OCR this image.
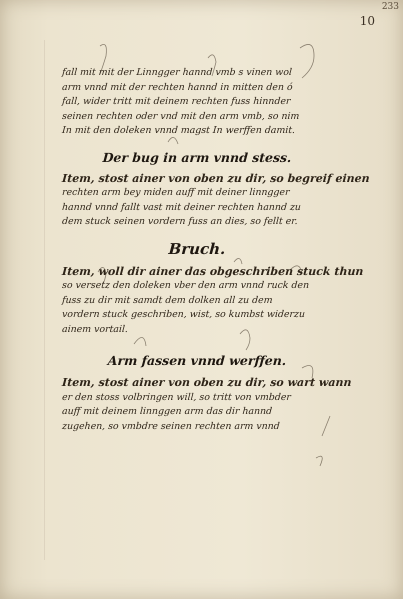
233
10
fall mit mit der Linngger hannd vmb s vinen wol
arm vnnd mit der rechten hannd in mitten den ó
fall, wider tritt mit deinem rechten fuss hinnder
seinen rechten oder vnd mit den arm vmb, so nim
In mit den doleken vnnd magst In werffen damit.
Der bug in arm vnnd stess.
Item, stost ainer von oben zu dir, so begreif einen
rechten arm bey miden auff mit deiner linngger
hannd vnnd fallt vast mit deiner rechten hannd zu
dem stuck seinen vordern fuss an dies, so fellt er.
Bruch.
Item, woll dir ainer das obgeschriben stuck thun
so versetz den doleken vber den arm vnnd ruck den
fuss zu dir mit samdt dem dolken all zu dem
vordern stuck geschriben, wist, so kumbst widerzu
ainem vortail.
Arm fassen vnnd werffen.
Item, stost ainer von oben zu dir, so wart wann
er den stoss volbringen will, so tritt von vmbder
auff mit deinem linnggen arm das dir hannd
zugehen, so vmbdre seinen rechten arm vnnd
